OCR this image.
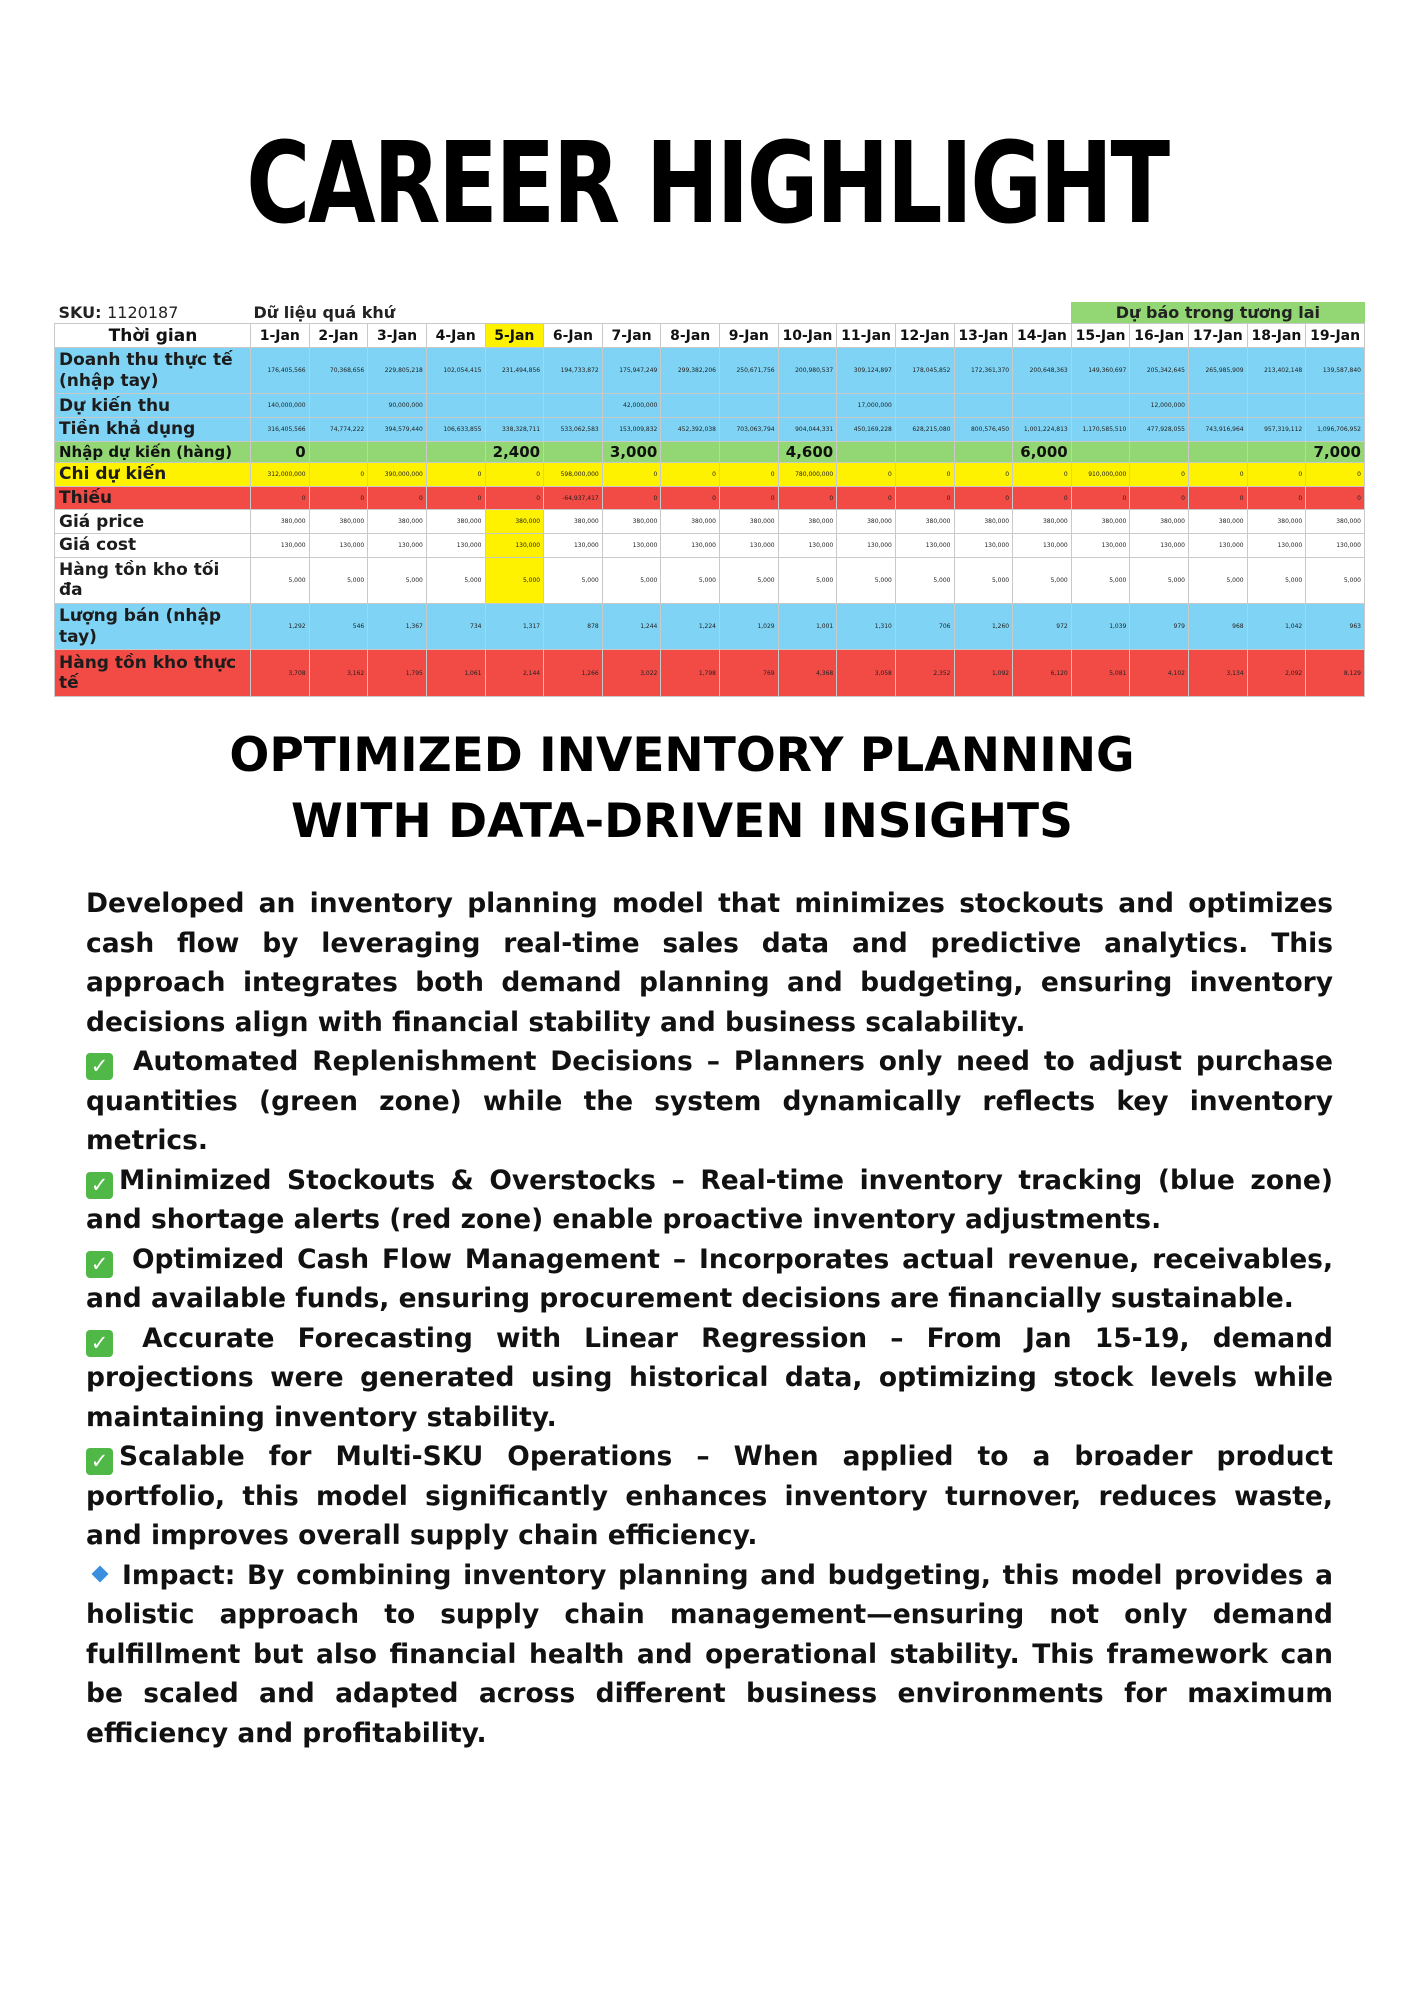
CAREER HIGHLIGHT
SKU: 1120187	Dữ liệu quá khứ														Dự báo trong tương lai				
Thời gian	1-Jan	2-Jan	3-Jan	4-Jan	5-Jan	6-Jan	7-Jan	8-Jan	9-Jan	10-Jan	11-Jan	12-Jan	13-Jan	14-Jan	15-Jan	16-Jan	17-Jan	18-Jan	19-Jan
Doanh thu thực tế (nhập tay)	176,405,566	70,368,656	229,805,218	102,054,415	231,494,856	194,733,872	175,947,249	299,382,206	250,671,756	200,980,537	309,124,897	178,045,852	172,361,370	200,648,363	149,360,697	205,342,645	265,985,909	213,402,148	139,587,840
Dự kiến thu	140,000,000		90,000,000				42,000,000				17,000,000					12,000,000			
Tiền khả dụng	316,405,566	74,774,222	394,579,440	106,633,855	338,328,711	533,062,583	153,009,832	452,392,038	703,063,794	904,044,331	450,169,228	628,215,080	800,576,450	1,001,224,813	1,170,585,510	477,928,055	743,916,964	957,319,112	1,096,706,952
Nhập dự kiến (hàng)	0				2,400		3,000			4,600				6,000					7,000
Chi dự kiến	312,000,000	0	390,000,000	0	0	598,000,000	0	0	0	780,000,000	0	0	0	0	910,000,000	0	0	0	0
Thiếu	0	0	0	0	0	-64,937,417	0	0	0	0	0	0	0	0	0	0	0	0	0
Giá price	380,000	380,000	380,000	380,000	380,000	380,000	380,000	380,000	380,000	380,000	380,000	380,000	380,000	380,000	380,000	380,000	380,000	380,000	380,000
Giá cost	130,000	130,000	130,000	130,000	130,000	130,000	130,000	130,000	130,000	130,000	130,000	130,000	130,000	130,000	130,000	130,000	130,000	130,000	130,000
Hàng tồn kho tối đa	5,000	5,000	5,000	5,000	5,000	5,000	5,000	5,000	5,000	5,000	5,000	5,000	5,000	5,000	5,000	5,000	5,000	5,000	5,000
Lượng bán (nhập tay)	1,292	546	1,367	734	1,317	878	1,244	1,224	1,029	1,001	1,310	706	1,260	972	1,039	979	968	1,042	963
Hàng tồn kho thực tế	3,708	3,162	1,795	1,061	2,144	1,266	3,022	1,798	769	4,368	3,058	2,352	1,092	6,120	5,081	4,102	3,134	2,092	8,129
OPTIMIZED INVENTORY PLANNING
WITH DATA-DRIVEN INSIGHTS

Developed an inventory planning model that minimizes stockouts and optimizes cash flow by leveraging real-time sales data and predictive analytics. This approach integrates both demand planning and budgeting, ensuring inventory decisions align with financial stability and business scalability.

✓ Automated Replenishment Decisions – Planners only need to adjust purchase quantities (green zone) while the system dynamically reflects key inventory metrics.

✓ Minimized Stockouts & Overstocks – Real-time inventory tracking (blue zone) and shortage alerts (red zone) enable proactive inventory adjustments.

✓ Optimized Cash Flow Management – Incorporates actual revenue, receivables, and available funds, ensuring procurement decisions are financially sustainable.

✓ Accurate Forecasting with Linear Regression – From Jan 15-19, demand projections were generated using historical data, optimizing stock levels while maintaining inventory stability.

✓ Scalable for Multi-SKU Operations – When applied to a broader product portfolio, this model significantly enhances inventory turnover, reduces waste, and improves overall supply chain efficiency.

Impact: By combining inventory planning and budgeting, this model provides a holistic approach to supply chain management—ensuring not only demand fulfillment but also financial health and operational stability. This framework can be scaled and adapted across different business environments for maximum efficiency and profitability.
